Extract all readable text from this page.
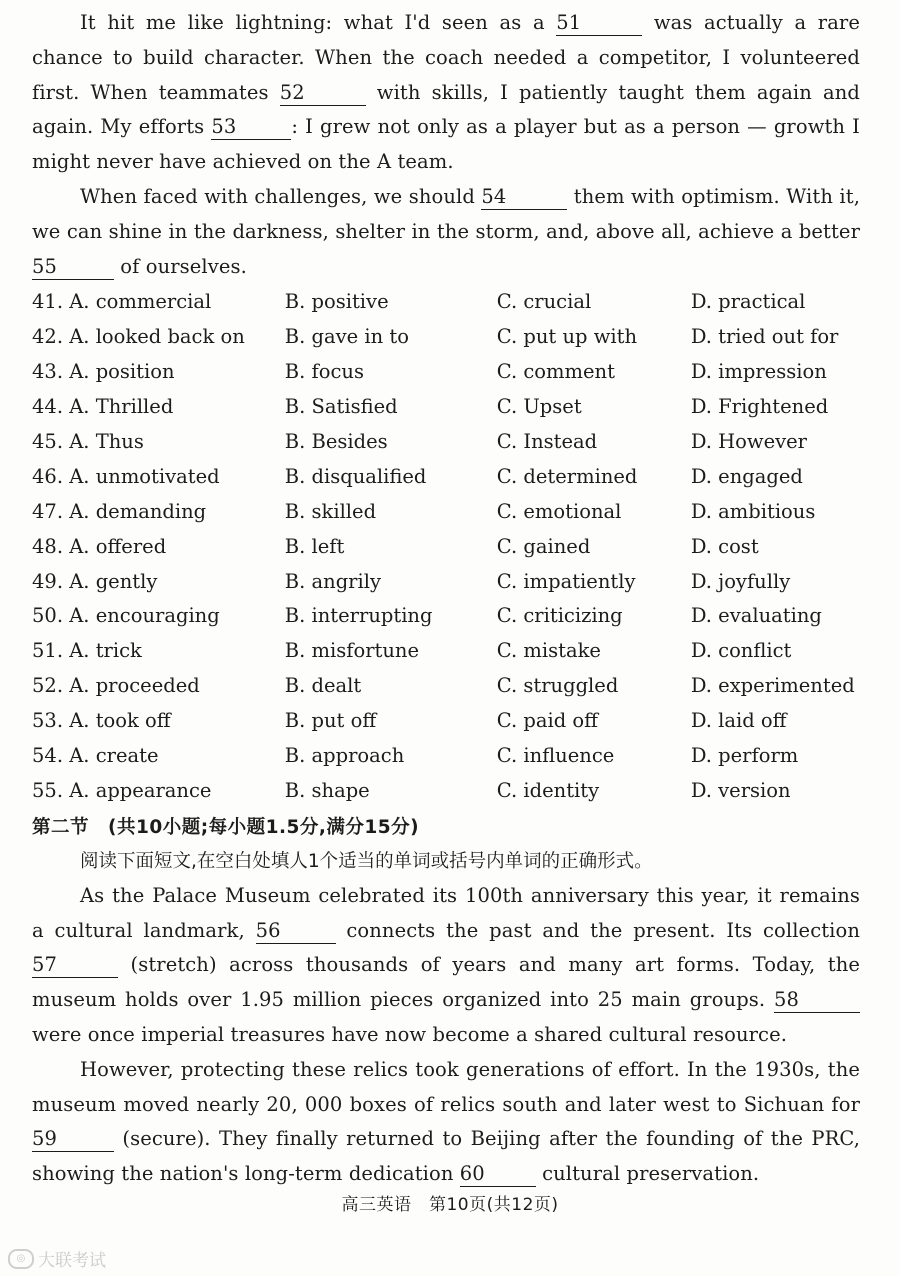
It hit me like lightning: what I'd seen as a 51	was actually a rare chance to build character. When the coach needed a competitor, I volunteered first. When teammates 52	with skills, I patiently taught them again and again. My efforts 53	: I grew not only as a player but as a person — growth I might never have achieved on the A team.

When faced with challenges, we should 54	them with optimism. With it, we can shine in the darkness, shelter in the storm, and, above all, achieve a better 55	of ourselves.

41. A. commercial	B. positive	C. crucial	D. practical
42. A. looked back on	B. gave in to	C. put up with	D. tried out for
43. A. position	B. focus	C. comment	D. impression
44. A. Thrilled	B. Satisfied	C. Upset	D. Frightened
45. A. Thus	B. Besides	C. Instead	D. However
46. A. unmotivated	B. disqualified	C. determined	D. engaged
47. A. demanding	B. skilled	C. emotional	D. ambitious
48. A. offered	B. left	C. gained	D. cost
49. A. gently	B. angrily	C. impatiently	D. joyfully
50. A. encouraging	B. interrupting	C. criticizing	D. evaluating
51. A. trick	B. misfortune	C. mistake	D. conflict
52. A. proceeded	B. dealt	C. struggled	D. experimented
53. A. took off	B. put off	C. paid off	D. laid off
54. A. create	B. approach	C. influence	D. perform
55. A. appearance	B. shape	C. identity	D. version
第二节　(共10小题;每小题1.5分,满分15分)

阅读下面短文,在空白处填人1个适当的单词或括号内单词的正确形式。

As the Palace Museum celebrated its 100th anniversary this year, it remains a cultural landmark, 56	connects the past and the present. Its collection 57	(stretch) across thousands of years and many art forms. Today, the museum holds over 1.95 million pieces organized into 25 main groups. 58 were once imperial treasures have now become a shared cultural resource.

However, protecting these relics took generations of effort. In the 1930s, the museum moved nearly 20, 000 boxes of relics south and later west to Sichuan for 59	(secure). They finally returned to Beijing after the founding of the PRC, showing the nation's long-term dedication 60	cultural preservation.

高三英语　第10页(共12页)
◎ 大联考试
